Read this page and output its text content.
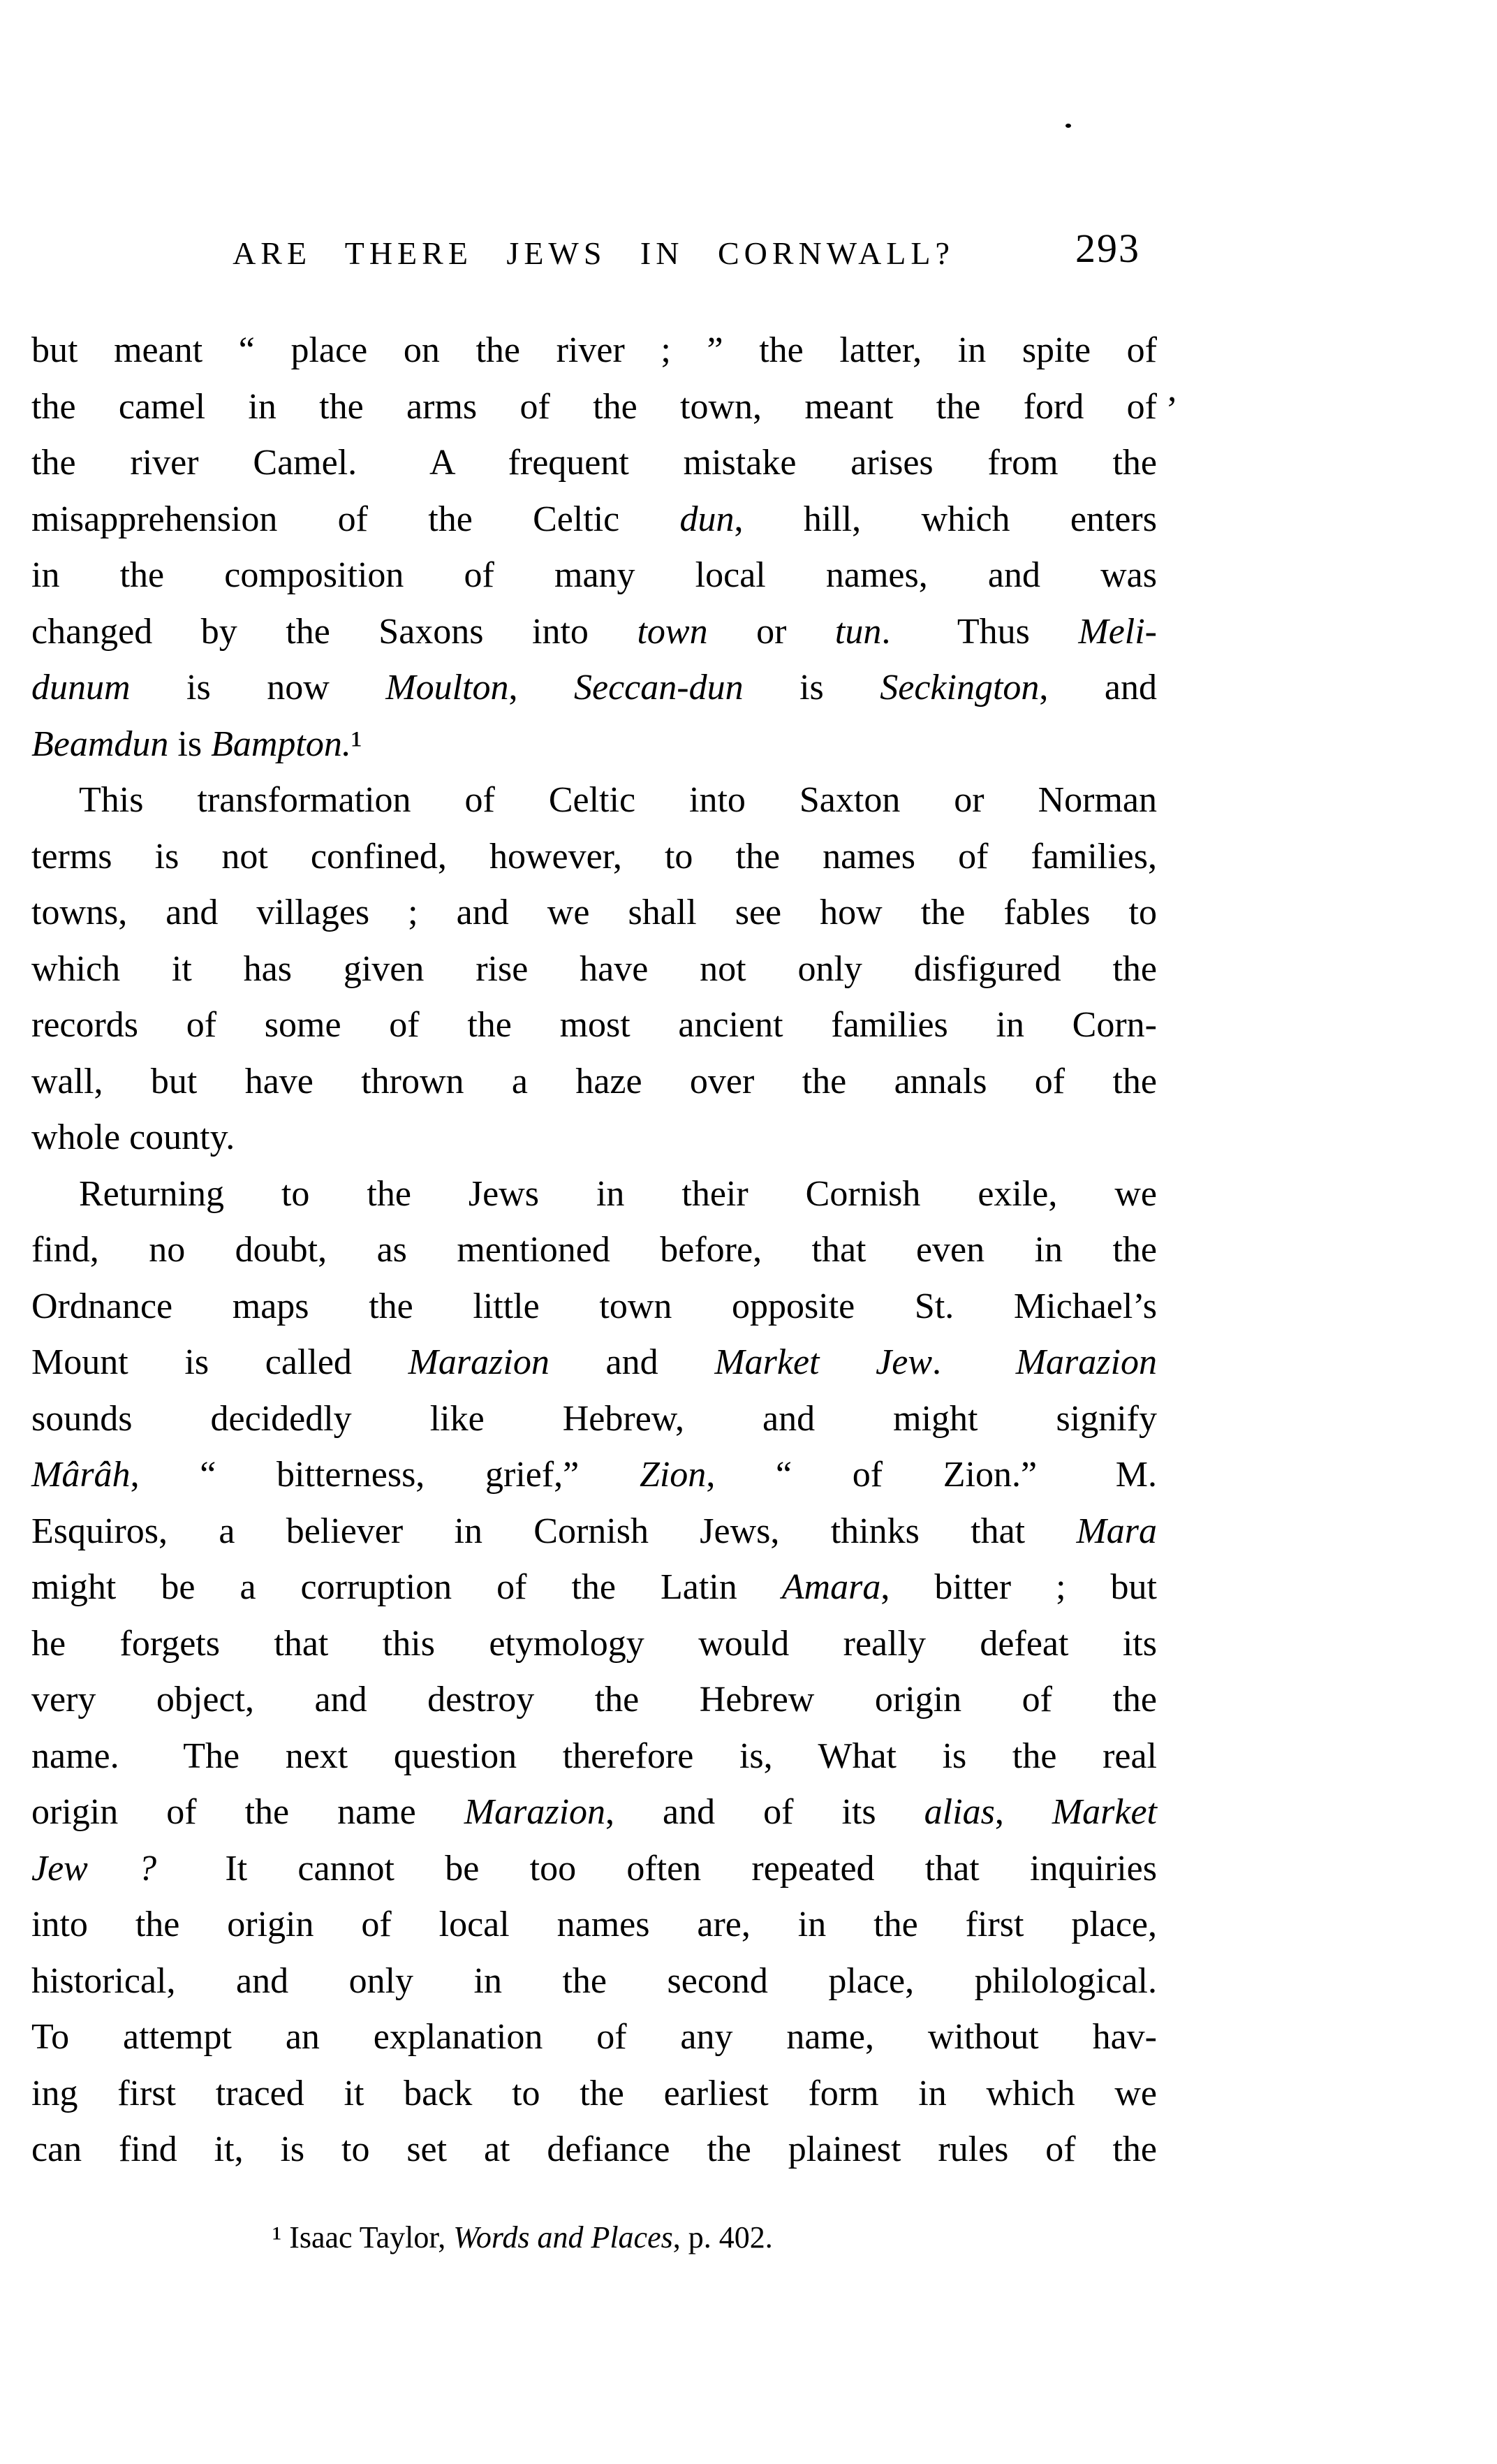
ARE THERE JEWS IN CORNWALL?	293
but meant “ place on the river ; ” the latter, in spite of
the camel in the arms of the town, meant the ford of ’
the river Camel.  A frequent mistake arises from the
misapprehension of the Celtic dun, hill, which enters
in the composition of many local names, and was
changed by the Saxons into town or tun.  Thus Meli-
dunum is now Moulton, Seccan-dun is Seckington, and
Beamdun is Bampton.¹
This transformation of Celtic into Saxton or Norman
terms is not confined, however, to the names of families,
towns, and villages ; and we shall see how the fables to
which it has given rise have not only disfigured the
records of some of the most ancient families in Corn-
wall, but have thrown a haze over the annals of the
whole county.
Returning to the Jews in their Cornish exile, we
find, no doubt, as mentioned before, that even in the
Ordnance maps the little town opposite St. Michael’s
Mount is called Marazion and Market Jew.  Marazion
sounds decidedly like Hebrew, and might signify
Mârâh, “ bitterness, grief,” Zion, “ of Zion.”  M.
Esquiros, a believer in Cornish Jews, thinks that Mara
might be a corruption of the Latin Amara, bitter ; but
he forgets that this etymology would really defeat its
very object, and destroy the Hebrew origin of the
name.  The next question therefore is, What is the real
origin of the name Marazion, and of its alias, Market
Jew ?  It cannot be too often repeated that inquiries
into the origin of local names are, in the first place,
historical, and only in the second place, philological.
To attempt an explanation of any name, without hav-
ing first traced it back to the earliest form in which we
can find it, is to set at defiance the plainest rules of the
¹ Isaac Taylor, Words and Places, p. 402.
